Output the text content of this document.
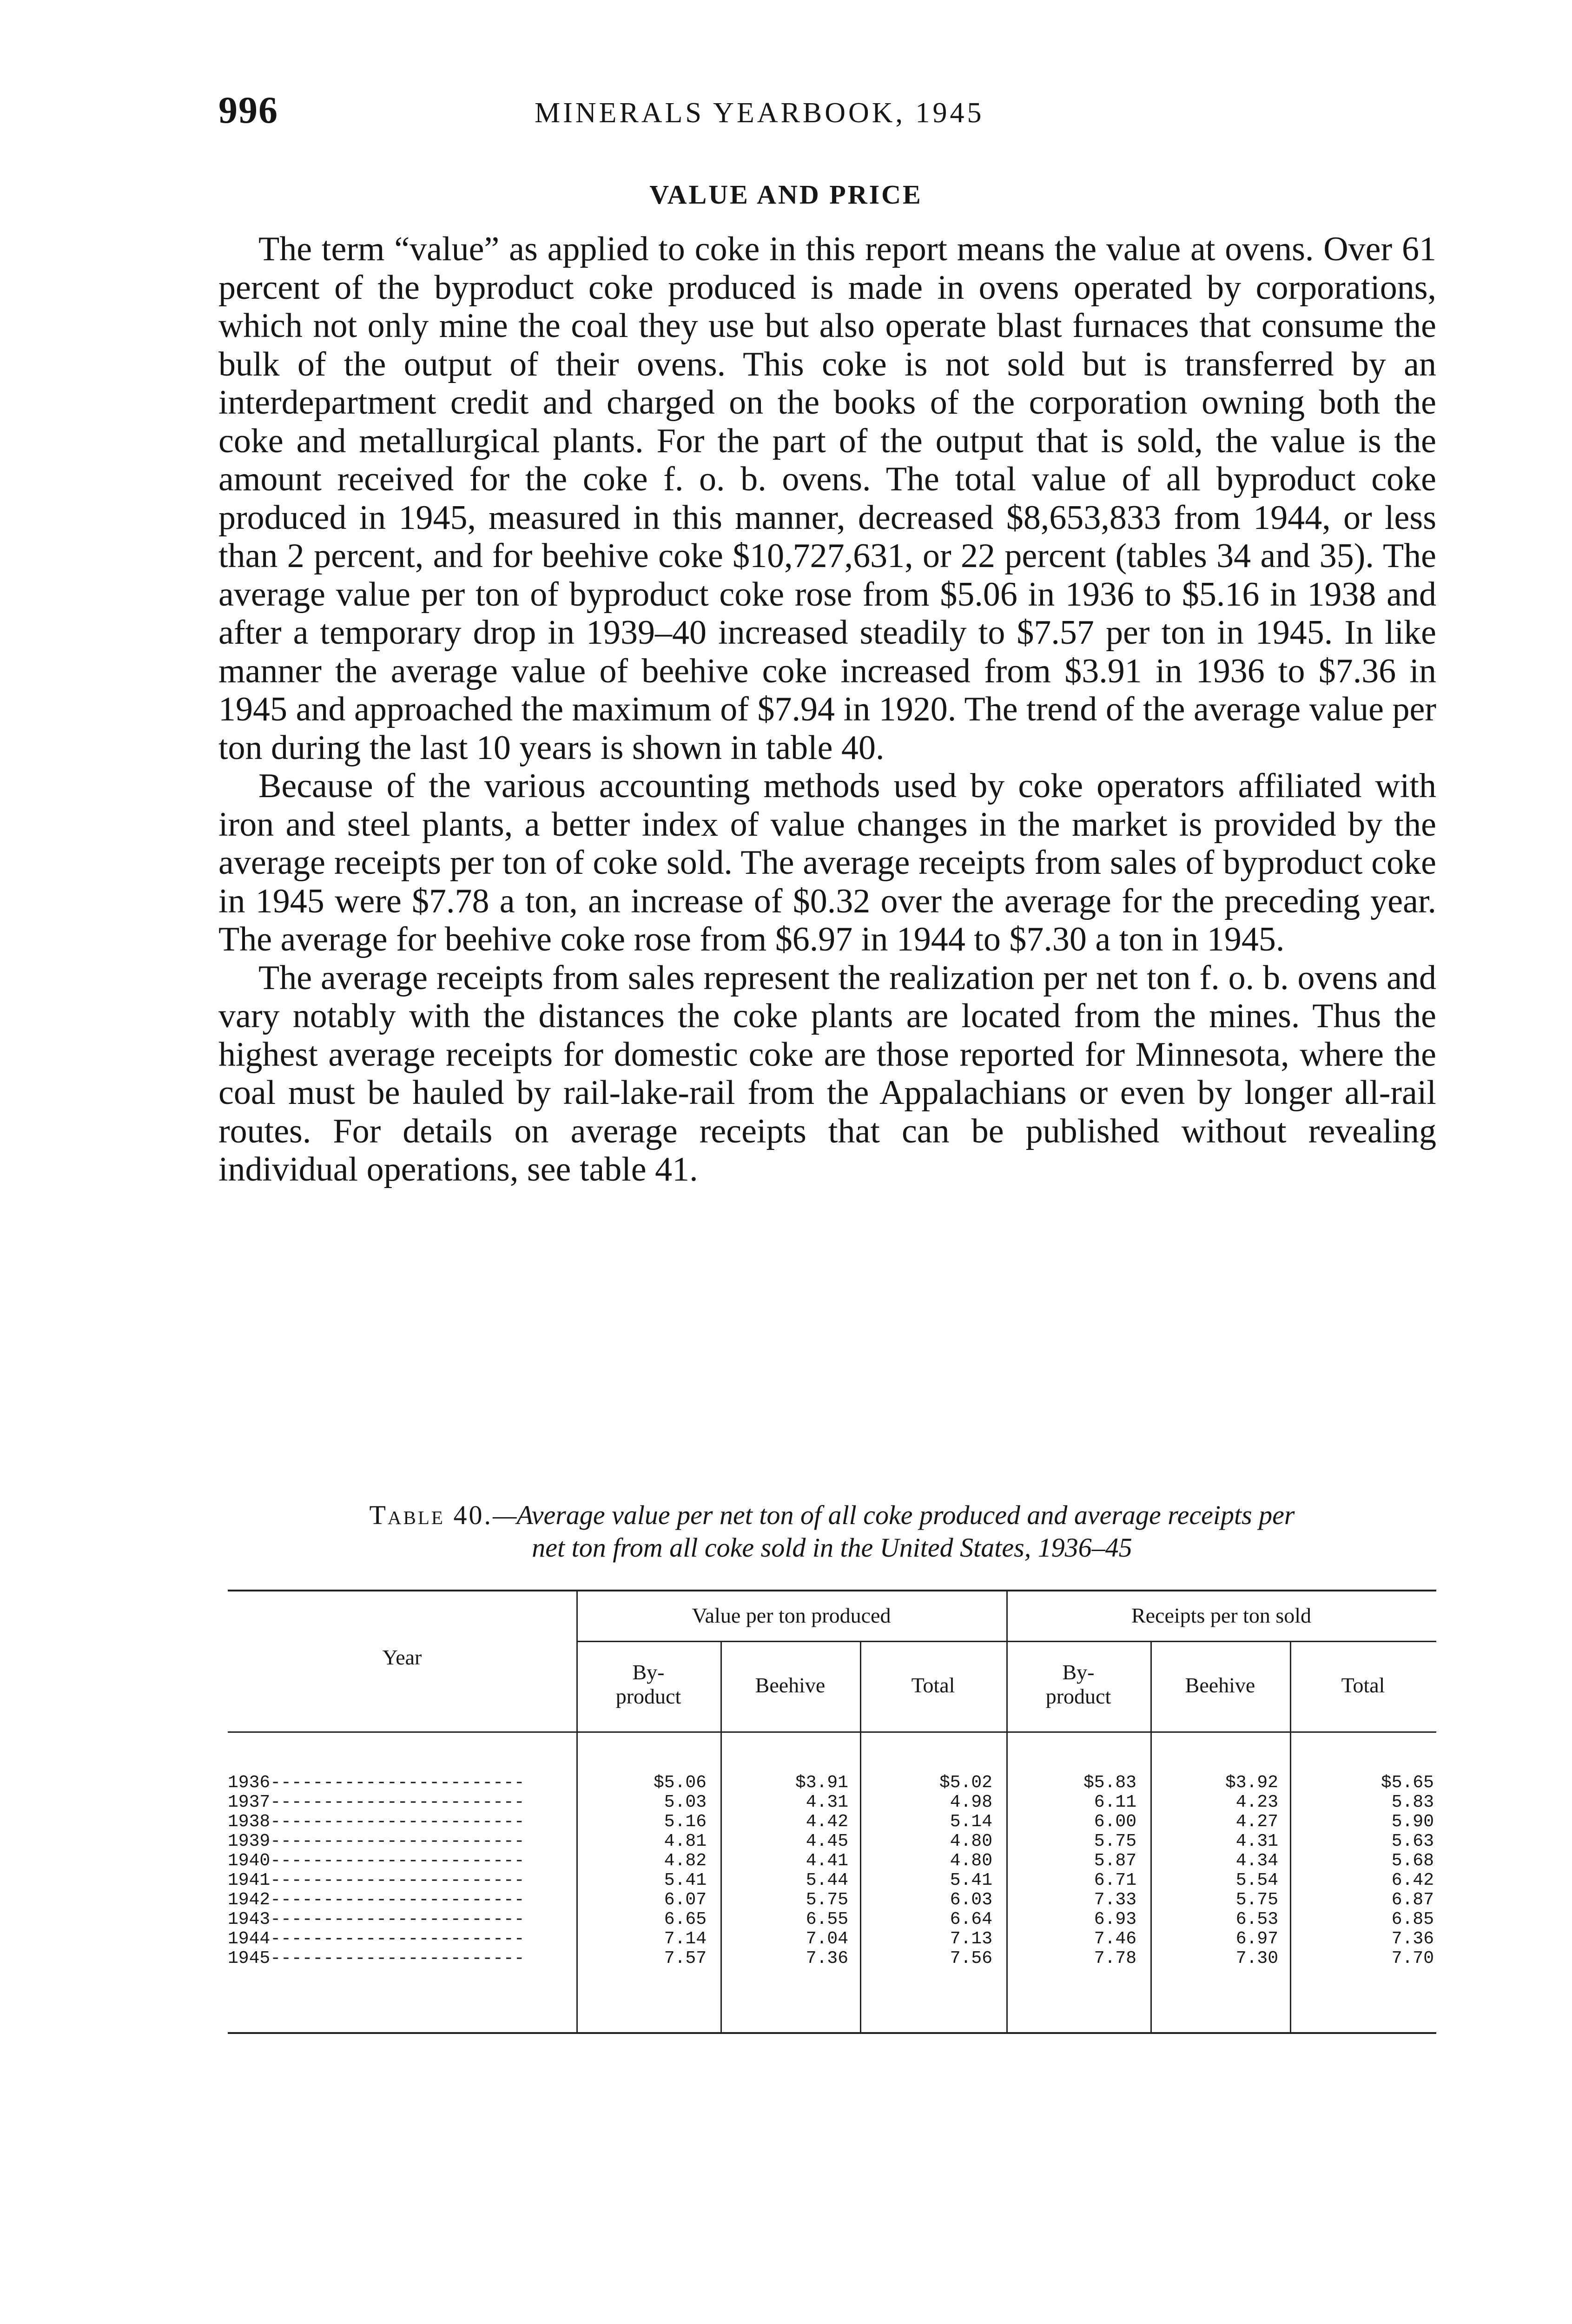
996	MINERALS YEARBOOK, 1945
VALUE AND PRICE

The term “value” as applied to coke in this report means the value at ovens. Over 61 percent of the byproduct coke produced is made in ovens operated by corporations, which not only mine the coal they use but also operate blast furnaces that consume the bulk of the output of their ovens. This coke is not sold but is transferred by an interdepartment credit and charged on the books of the corporation owning both the coke and metallurgical plants. For the part of the output that is sold, the value is the amount received for the coke f. o. b. ovens. The total value of all byproduct coke produced in 1945, measured in this manner, decreased $8,653,833 from 1944, or less than 2 percent, and for beehive coke $10,727,631, or 22 percent (tables 34 and 35). The average value per ton of byproduct coke rose from $5.06 in 1936 to $5.16 in 1938 and after a temporary drop in 1939–40 increased steadily to $7.57 per ton in 1945. In like manner the average value of beehive coke increased from $3.91 in 1936 to $7.36 in 1945 and approached the maximum of $7.94 in 1920. The trend of the average value per ton during the last 10 years is shown in table 40.

Because of the various accounting methods used by coke operators affiliated with iron and steel plants, a better index of value changes in the market is provided by the average receipts per ton of coke sold. The average receipts from sales of byproduct coke in 1945 were $7.78 a ton, an increase of $0.32 over the average for the preceding year. The average for beehive coke rose from $6.97 in 1944 to $7.30 a ton in 1945.

The average receipts from sales represent the realization per net ton f. o. b. ovens and vary notably with the distances the coke plants are located from the mines. Thus the highest average receipts for domestic coke are those reported for Minnesota, where the coal must be hauled by rail-lake-rail from the Appalachians or even by longer all-rail routes. For details on average receipts that can be published without revealing individual operations, see table 41.

Table 40.—Average value per net ton of all coke produced and average receipts per
net ton from all coke sold in the United States, 1936–45
Year
Value per ton produced	Receipts per ton sold
By-
product	Beehive	Total
By-
product	Beehive	Total
1936------------------------	$5.06	$3.91	$5.02	$5.83	$3.92	$5.65
1937------------------------	5.03	4.31	4.98	6.11	4.23	5.83
1938------------------------	5.16	4.42	5.14	6.00	4.27	5.90
1939------------------------	4.81	4.45	4.80	5.75	4.31	5.63
1940------------------------	4.82	4.41	4.80	5.87	4.34	5.68
1941------------------------	5.41	5.44	5.41	6.71	5.54	6.42
1942------------------------	6.07	5.75	6.03	7.33	5.75	6.87
1943------------------------	6.65	6.55	6.64	6.93	6.53	6.85
1944------------------------	7.14	7.04	7.13	7.46	6.97	7.36
1945------------------------	7.57	7.36	7.56	7.78	7.30	7.70
